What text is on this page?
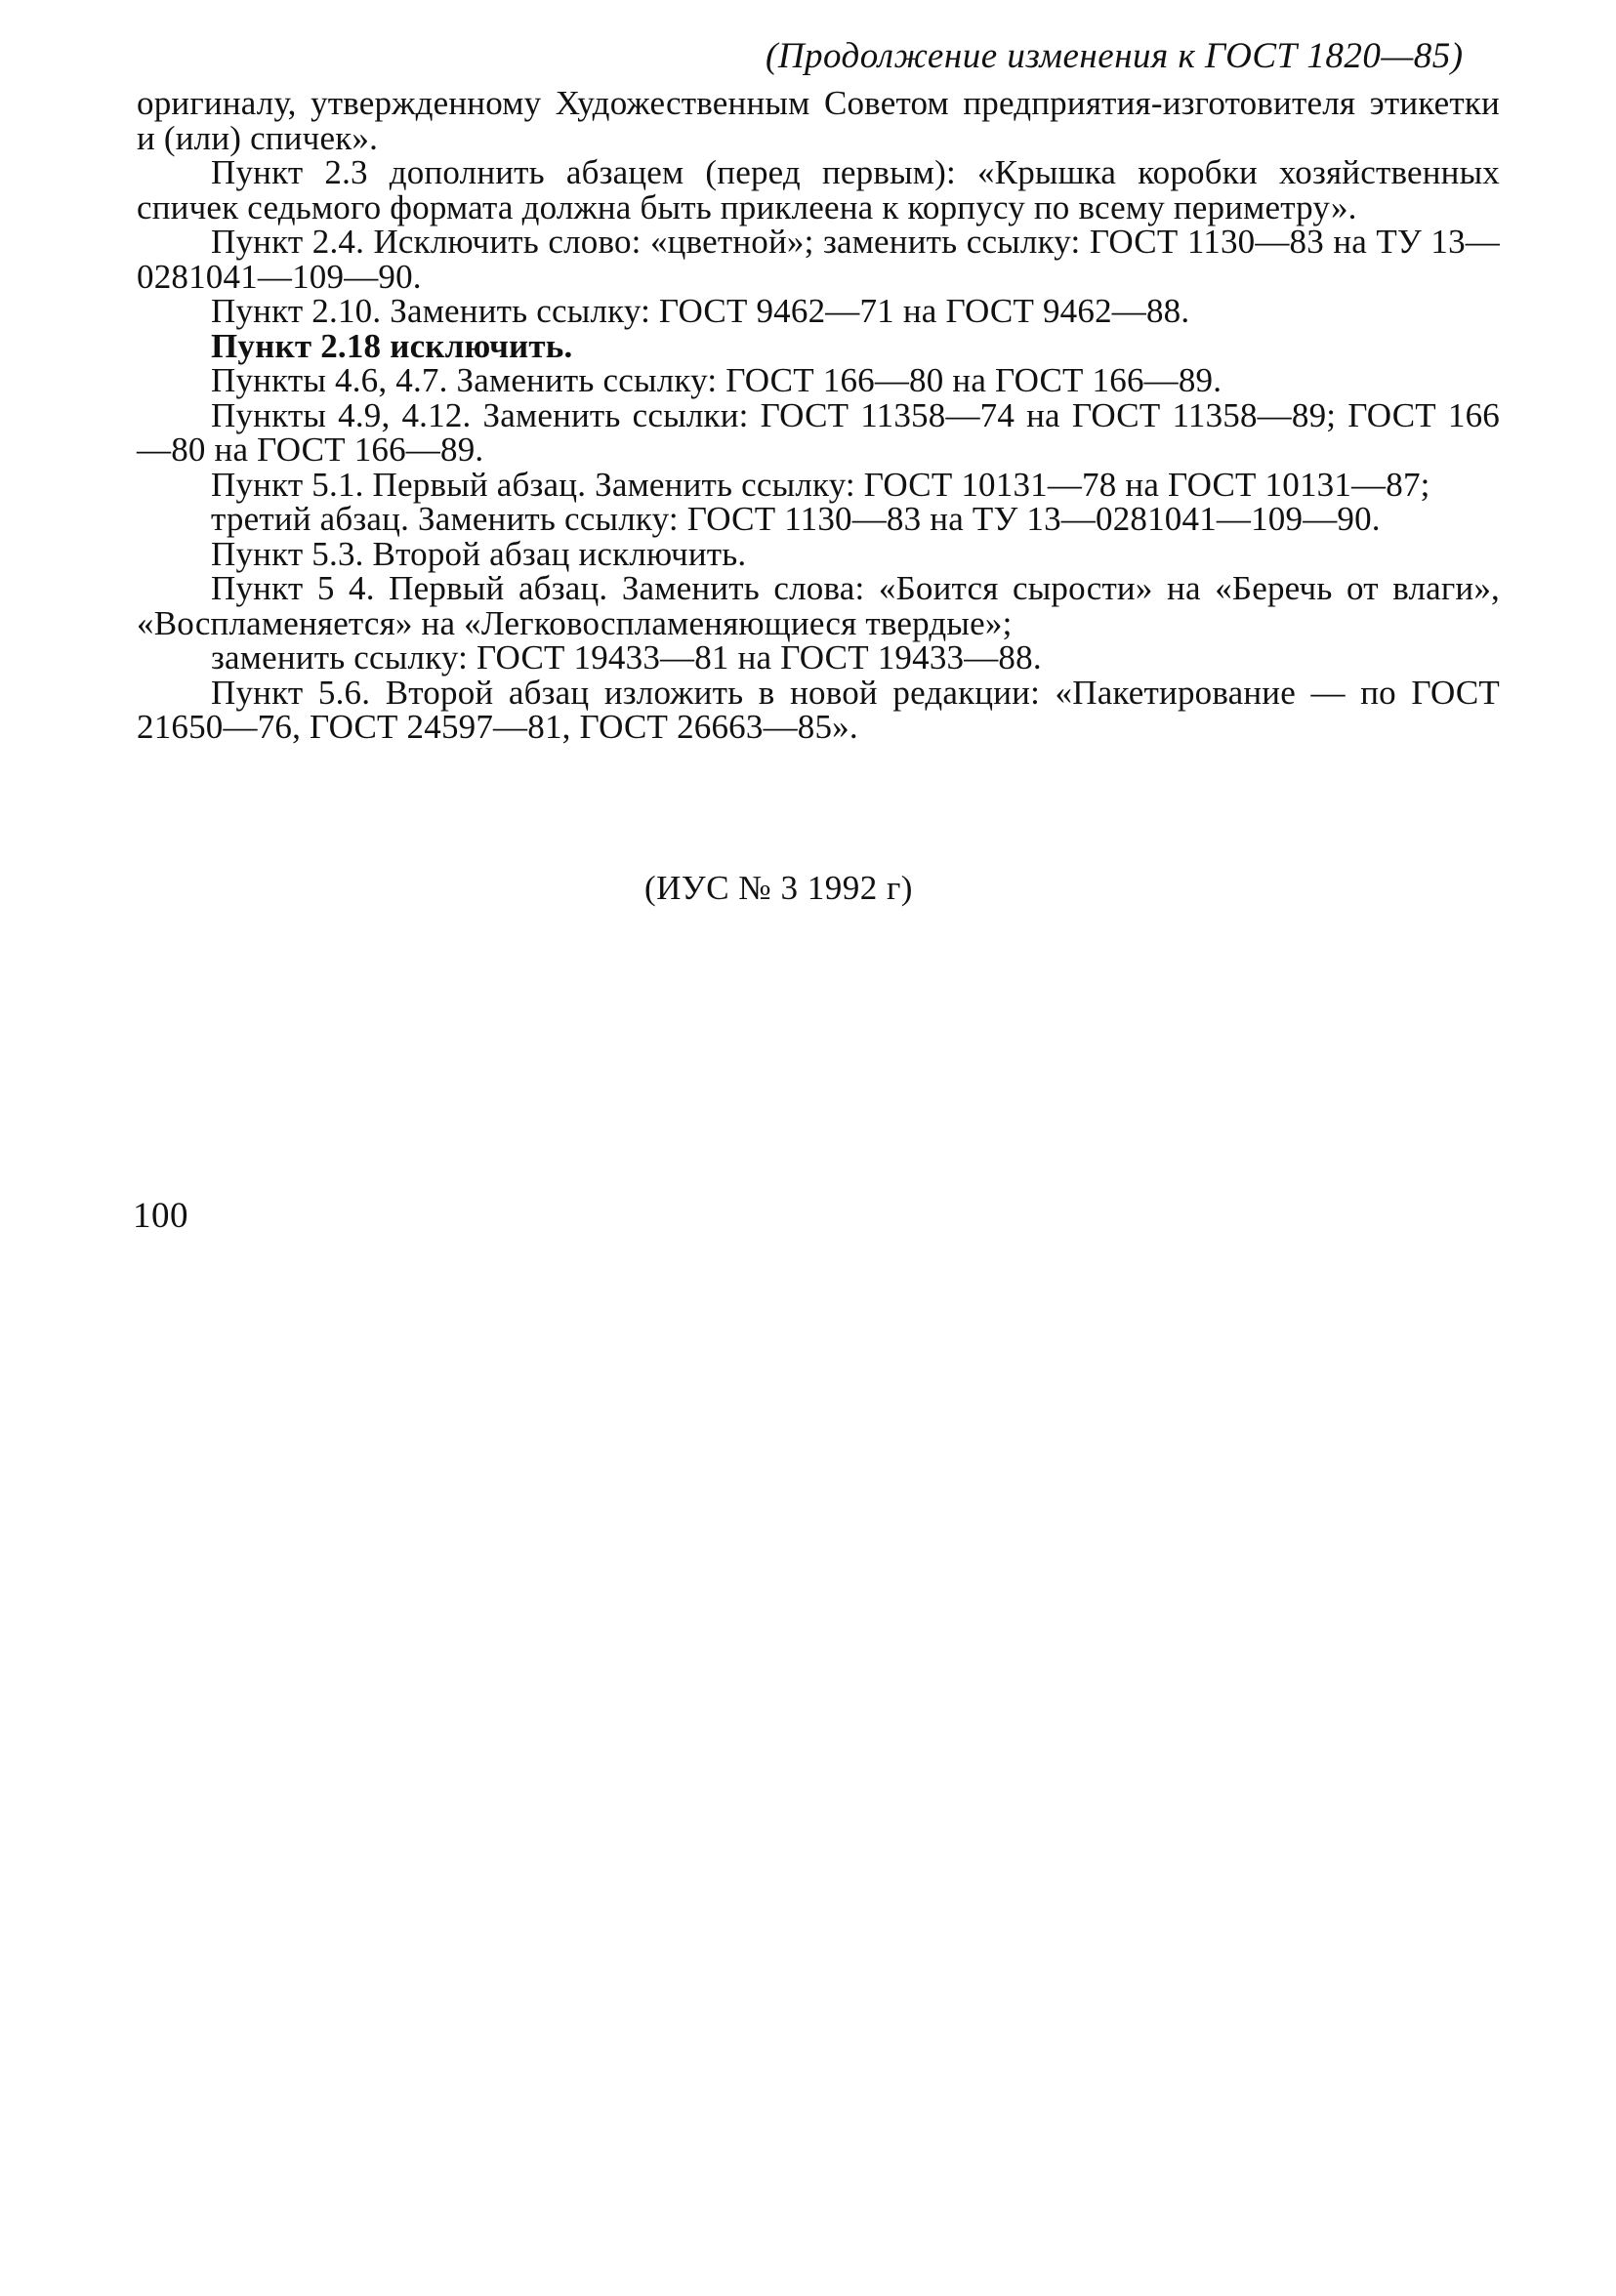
(Продолжение изменения к ГОСТ 1820—85)

оригиналу, утвержденному Художественным Советом предприятия-изготовителя этикетки и (или) спичек».

Пункт 2.3 дополнить абзацем (перед первым): «Крышка коробки хозяйственных спичек седьмого формата должна быть приклеена к корпусу по всему периметру».

Пункт 2.4. Исключить слово: «цветной»; заменить ссылку: ГОСТ 1130—83 на ТУ 13—0281041—109—90.

Пункт 2.10. Заменить ссылку: ГОСТ 9462—71 на ГОСТ 9462—88.

Пункт 2.18 исключить.

Пункты 4.6, 4.7. Заменить ссылку: ГОСТ 166—80 на ГОСТ 166—89.

Пункты 4.9, 4.12. Заменить ссылки: ГОСТ 11358—74 на ГОСТ 11358—89; ГОСТ 166—80 на ГОСТ 166—89.

Пункт 5.1. Первый абзац. Заменить ссылку: ГОСТ 10131—78 на ГОСТ 10131—87;

третий абзац. Заменить ссылку: ГОСТ 1130—83 на ТУ 13—0281041—109—90.

Пункт 5.3. Второй абзац исключить.

Пункт 5 4. Первый абзац. Заменить слова: «Боится сырости» на «Беречь от влаги», «Воспламеняется» на «Легковоспламеняющиеся твердые»;

заменить ссылку: ГОСТ 19433—81 на ГОСТ 19433—88.

Пункт 5.6. Второй абзац изложить в новой редакции: «Пакетирование — по ГОСТ 21650—76, ГОСТ 24597—81, ГОСТ 26663—85».

(ИУС № 3 1992 г)
100
